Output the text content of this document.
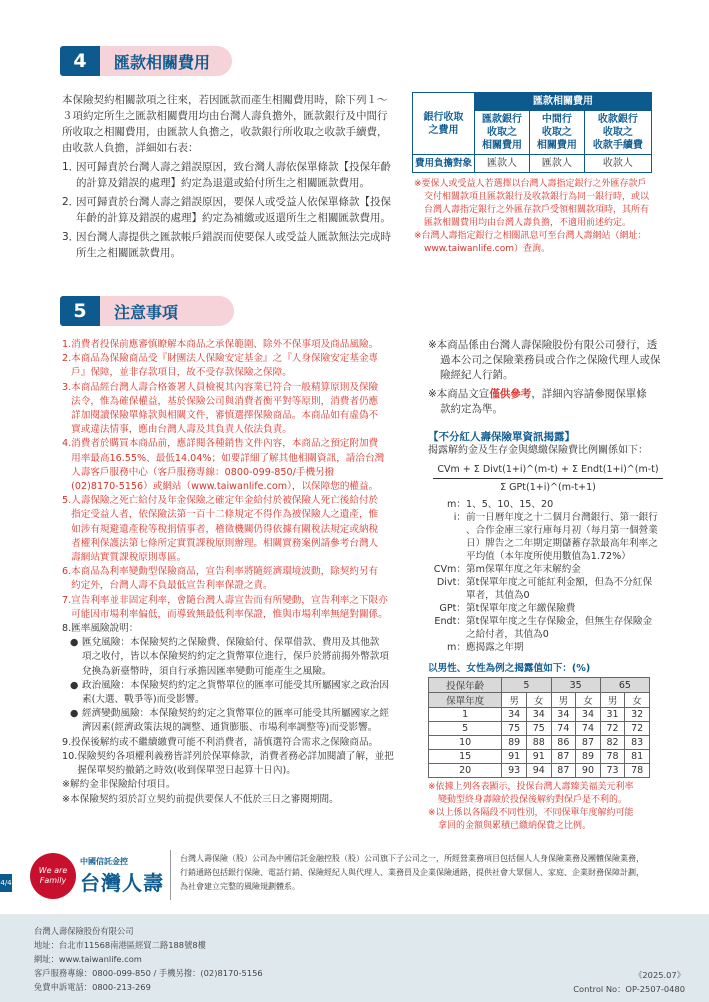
4	匯款相關費用
本保險契約相關款項之往來，若因匯款而產生相關費用時，除下列１～
３項約定所生之匯款相關費用均由台灣人壽負擔外，匯款銀行及中間行
所收取之相關費用，由匯款人負擔之，收款銀行所收取之收款手續費，
由收款人負擔，詳細如右表：
1．
因可歸責於台灣人壽之錯誤原因，致台灣人壽依保單條款【投保年齡
的計算及錯誤的處理】約定為退還或給付所生之相關匯款費用。
2．
因可歸責於台灣人壽之錯誤原因，要保人或受益人依保單條款【投保
年齡的計算及錯誤的處理】約定為補繳或返還所生之相關匯款費用。
3．
因台灣人壽提供之匯款帳戶錯誤而使要保人或受益人匯款無法完成時
所生之相關匯款費用。
銀行收取
之費用	匯款相關費用		
	匯款銀行
收取之
相關費用	中間行
收取之
相關費用	收款銀行
收取之
收款手續費
費用負擔對象	匯款人	匯款人	收款人
※要保人或受益人若選擇以台灣人壽指定銀行之外匯存款戶
交付相關款項且匯款銀行及收款銀行為同一銀行時，或以
台灣人壽指定銀行之外匯存款戶受領相關款項時，其所有
匯款相關費用均由台灣人壽負擔，不適用前述約定。
※台灣人壽指定銀行之相關訊息可至台灣人壽網站（網址：
www.taiwanlife.com）查詢。
5	注意事項
1. 消費者投保前應審慎瞭解本商品之承保範圍、除外不保事項及商品風險。
2. 本商品為保險商品受『財團法人保險安定基金』之『人身保險安定基金專
戶』保障，並非存款項目，故不受存款保險之保障。
3. 本商品經台灣人壽合格簽署人員檢視其內容業已符合一般精算原則及保險
法令，惟為確保權益，基於保險公司與消費者衡平對等原則，消費者仍應
詳加閱讀保險單條款與相關文件，審慎選擇保險商品。本商品如有虛偽不
實或違法情事，應由台灣人壽及其負責人依法負責。
4. 消費者於購買本商品前，應詳閱各種銷售文件內容，本商品之預定附加費
用率最高16.55%、最低14.04%；如要詳細了解其他相關資訊，請洽台灣
人壽客戶服務中心（客戶服務專線：0800-099-850/手機另撥
(02)8170-5156）或網站（www.taiwanlife.com），以保障您的權益。
5. 人壽保險之死亡給付及年金保險之確定年金給付於被保險人死亡後給付於
指定受益人者，依保險法第一百十二條規定不得作為被保險人之遺產，惟
如涉有規避遺產稅等稅捐情事者，稽徵機關仍得依據有關稅法規定或納稅
者權利保護法第七條所定實質課稅原則辦理。相關實務案例請參考台灣人
壽網站實質課稅原則專區。
6. 本商品為利率變動型保險商品，宣告利率將隨經濟環境波動，除契約另有
約定外，台灣人壽不負最低宣告利率保證之責。
7. 宣告利率並非固定利率，會隨台灣人壽宣告而有所變動，宣告利率之下限亦
可能因市場利率偏低，而導致無最低利率保證，惟與市場利率無絕對關係。
8.匯率風險說明：
● 匯兌風險：本保險契約之保險費、保險給付、保單借款、費用及其他款
項之收付，皆以本保險契約約定之貨幣單位進行，保戶於將前揭外幣款項
兌換為新臺幣時，須自行承擔因匯率變動可能產生之風險。
● 政治風險：本保險契約約定之貨幣單位的匯率可能受其所屬國家之政治因
素(大選、戰爭等)而受影響。
● 經濟變動風險：本保險契約約定之貨幣單位的匯率可能受其所屬國家之經
濟因素(經濟政策法規的調整、通貨膨脹、市場利率調整等)而受影響。
9. 投保後解約或不繼續繳費可能不利消費者，請慎選符合需求之保險商品。
10. 保險契約各項權利義務皆詳列於保單條款，消費者務必詳加閱讀了解，並把
握保單契約撤銷之時效(收到保單翌日起算十日內)。
※解約金非保險給付項目。
※本保險契約須於訂立契約前提供要保人不低於三日之審閱期間。
※本商品係由台灣人壽保險股份有限公司發行，透
過本公司之保險業務員或合作之保險代理人或保
險經紀人行銷。
※本商品文宣僅供參考，詳細內容請參閱保單條
款約定為準。
【不分紅人壽保險單資訊揭露】
揭露解約金及生存金與總繳保險費比例關係如下：
CVm + Σ Divt(1+i)^(m-t) + Σ Endt(1+i)^(m-t)
Σ GPt(1+i)^(m-t+1)
m： 1、5、10、15、20
i： 前一日曆年度之十二個月台灣銀行、第一銀行
、合作金庫三家行庫每月初（每月第一個營業
日）牌告之二年期定期儲蓄存款最高年利率之
平均值（本年度所使用數值為1.72%）
CVm： 第m保單年度之年末解約金
Divt： 第t保單年度之可能紅利金額，但為不分紅保
單者，其值為0
GPt： 第t保單年度之年繳保險費
Endt： 第t保單年度之生存保險金，但無生存保險金
之給付者，其值為0
m： 應揭露之年期
以男性、女性為例之揭露值如下：(%)
投保年齡	5		35		65	
保單年度	男	女	男	女	男	女
1	34	34	34	34	31	32
5	75	75	74	74	72	72
10	89	88	86	87	82	83
15	91	91	87	89	78	81
20	93	94	87	90	73	78
※依據上列各表顯示，投保台灣人壽臻美福美元利率
變動型終身壽險於投保後解約對保戶是不利的。
※以上係以各隔段不同性別，不同保單年度解約可能
拿回的金額與累積已繳納保費之比例。
4/4
We are Family
中國信託金控
台灣人壽
台灣人壽保險（股）公司為中國信託金融控股（股）公司旗下子公司之一，所經營業務項目包括個人人身保險業務及團體保險業務，
行銷通路包括銀行保險、電話行銷、保險經紀人與代理人、業務員及企業保險通路，提供社會大眾個人、家庭、企業財務保障計劃，
為社會建立完整的風險規劃體系。
台灣人壽保險股份有限公司
地址：台北市11568南港區經貿二路188號8樓
網址：www.taiwanlife.com
客戶服務專線：0800-099-850 / 手機另撥：(02)8170-5156
免費申訴電話：0800-213-269
《2025.07》
Control No：OP-2507-0480
